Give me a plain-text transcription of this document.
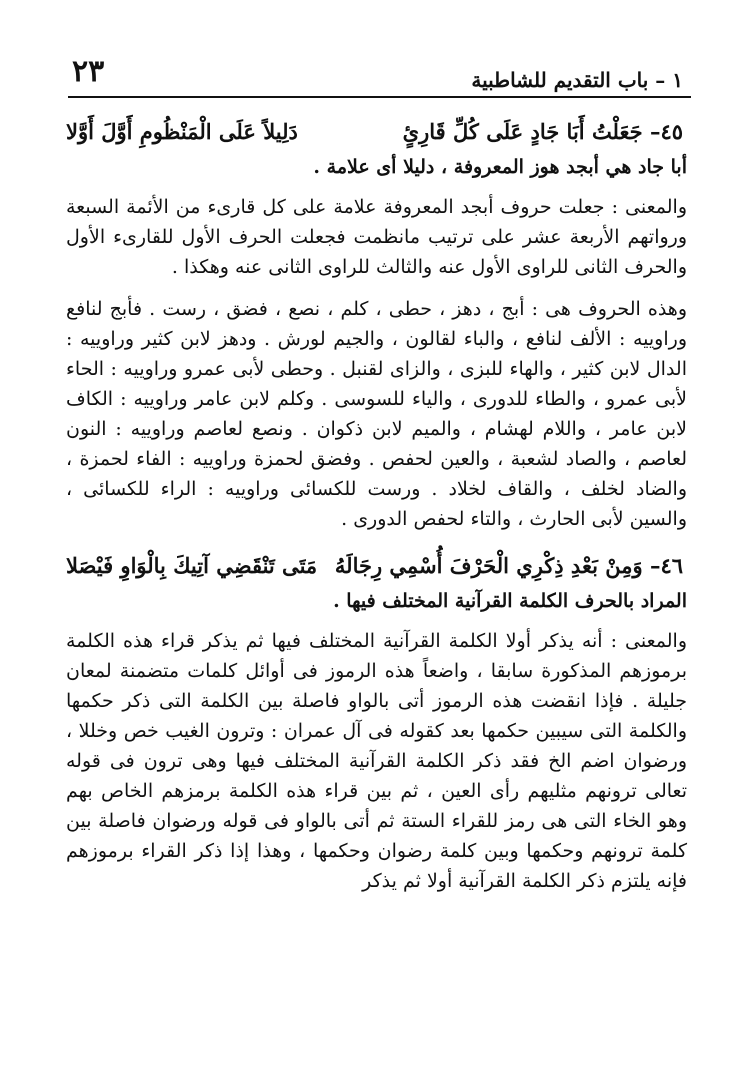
١ – باب التقديم للشاطبية
٢٣
٤٥– جَعَلْتُ أَبَا جَادٍ عَلَى كُلِّ قَارِئٍ
دَلِيلاً عَلَى الْمَنْظُومِ أَوَّلَ أَوَّلا

أبا جاد هي أبجد هوز المعروفة ، دليلا أى علامة .

والمعنى : جعلت حروف أبجد المعروفة علامة على كل قارىء من الأئمة السبعة ورواتهم الأربعة عشر على ترتيب مانظمت فجعلت الحرف الأول للقارىء الأول والحرف الثانى للراوى الأول عنه والثالث للراوى الثانى عنه وهكذا .

وهذه الحروف هى : أبج ، دهز ، حطى ، كلم ، نصع ، فضق ، رست . فأبج لنافع وراوييه : الألف لنافع ، والباء لقالون ، والجيم لورش . ودهز لابن كثير وراوييه : الدال لابن كثير ، والهاء للبزى ، والزاى لقنبل . وحطى لأبى عمرو وراوييه : الحاء لأبى عمرو ، والطاء للدورى ، والياء للسوسى . وكلم لابن عامر وراوييه : الكاف لابن عامر ، واللام لهشام ، والميم لابن ذكوان . ونصع لعاصم وراوييه : النون لعاصم ، والصاد لشعبة ، والعين لحفص . وفضق لحمزة وراوييه : الفاء لحمزة ، والضاد لخلف ، والقاف لخلاد . ورست للكسائى وراوييه : الراء للكسائى ، والسين لأبى الحارث ، والتاء لحفص الدورى .

٤٦– وَمِنْ بَعْدِ ذِكْرِي الْحَرْفَ أُسْمِي رِجَالَهُ
مَتَى تَنْقَضِي آتِيكَ بِالْوَاوِ فَيْصَلا

المراد بالحرف الكلمة القرآنية المختلف فيها .

والمعنى : أنه يذكر أولا الكلمة القرآنية المختلف فيها ثم يذكر قراء هذه الكلمة برموزهم المذكورة سابقا ، واضعاً هذه الرموز فى أوائل كلمات متضمنة لمعان جليلة . فإذا انقضت هذه الرموز أتى بالواو فاصلة بين الكلمة التى ذكر حكمها والكلمة التى سيبين حكمها بعد كقوله فى آل عمران : وترون الغيب خص وخللا ، ورضوان اضم الخ فقد ذكر الكلمة القرآنية المختلف فيها وهى ترون فى قوله تعالى ترونهم مثليهم رأى العين ، ثم بين قراء هذه الكلمة برمزهم الخاص بهم وهو الخاء التى هى رمز للقراء الستة ثم أتى بالواو فى قوله ورضوان فاصلة بين كلمة ترونهم وحكمها وبين كلمة رضوان وحكمها ، وهذا إذا ذكر القراء برموزهم فإنه يلتزم ذكر الكلمة القرآنية أولا ثم يذكر
